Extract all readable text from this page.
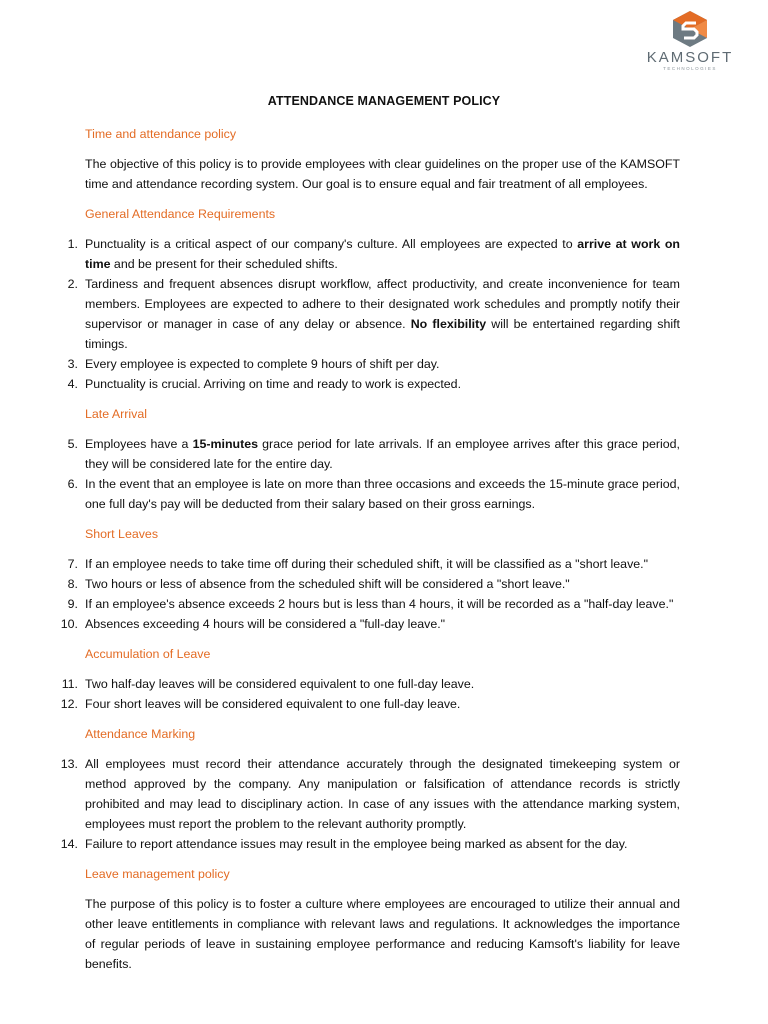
KAMSOFT
TECHNOLOGIES
ATTENDANCE MANAGEMENT POLICY
Time and attendance policy
The objective of this policy is to provide employees with clear guidelines on the proper use of the KAMSOFT time and attendance recording system. Our goal is to ensure equal and fair treatment of all employees.
General Attendance Requirements
1. Punctuality is a critical aspect of our company's culture. All employees are expected to arrive at work on time and be present for their scheduled shifts.
2. Tardiness and frequent absences disrupt workflow, affect productivity, and create inconvenience for team members. Employees are expected to adhere to their designated work schedules and promptly notify their supervisor or manager in case of any delay or absence. No flexibility will be entertained regarding shift timings.
3. Every employee is expected to complete 9 hours of shift per day.
4. Punctuality is crucial. Arriving on time and ready to work is expected.
Late Arrival
5. Employees have a 15-minutes grace period for late arrivals. If an employee arrives after this grace period, they will be considered late for the entire day.
6. In the event that an employee is late on more than three occasions and exceeds the 15-minute grace period, one full day's pay will be deducted from their salary based on their gross earnings.
Short Leaves
7. If an employee needs to take time off during their scheduled shift, it will be classified as a "short leave."
8. Two hours or less of absence from the scheduled shift will be considered a "short leave."
9. If an employee's absence exceeds 2 hours but is less than 4 hours, it will be recorded as a "half-day leave."
10. Absences exceeding 4 hours will be considered a "full-day leave."
Accumulation of Leave
11. Two half-day leaves will be considered equivalent to one full-day leave.
12. Four short leaves will be considered equivalent to one full-day leave.
Attendance Marking
13. All employees must record their attendance accurately through the designated timekeeping system or method approved by the company. Any manipulation or falsification of attendance records is strictly prohibited and may lead to disciplinary action. In case of any issues with the attendance marking system, employees must report the problem to the relevant authority promptly.
14. Failure to report attendance issues may result in the employee being marked as absent for the day.
Leave management policy
The purpose of this policy is to foster a culture where employees are encouraged to utilize their annual and other leave entitlements in compliance with relevant laws and regulations. It acknowledges the importance of regular periods of leave in sustaining employee performance and reducing Kamsoft's liability for leave benefits.
